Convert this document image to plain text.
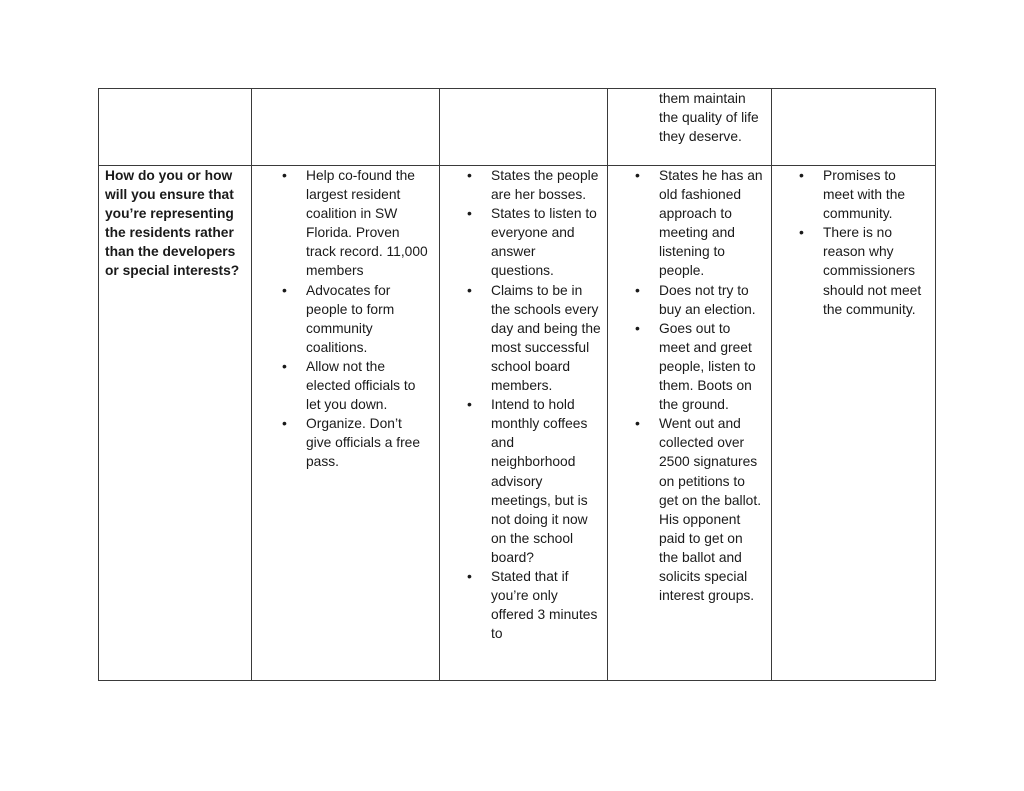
them maintain the quality of life they deserve.
How do you or how will you ensure that you’re representing the residents rather than the developers or special interests?
• Help co-found the largest resident coalition in SW Florida. Proven track record. 11,000 members
• Advocates for people to form community coalitions.
• Allow not the elected officials to let you down.
• Organize. Don’t give officials a free pass.
• States the people are her bosses.
• States to listen to everyone and answer questions.
• Claims to be in the schools every day and being the most successful school board members.
• Intend to hold monthly coffees and neighborhood advisory meetings, but is not doing it now on the school board?
• Stated that if you’re only offered 3 minutes to
• States he has an old fashioned approach to meeting and listening to people.
• Does not try to buy an election.
• Goes out to meet and greet people, listen to them. Boots on the ground.
• Went out and collected over 2500 signatures on petitions to get on the ballot. His opponent paid to get on the ballot and solicits special interest groups.
• Promises to meet with the community.
• There is no reason why commissioners should not meet the community.
